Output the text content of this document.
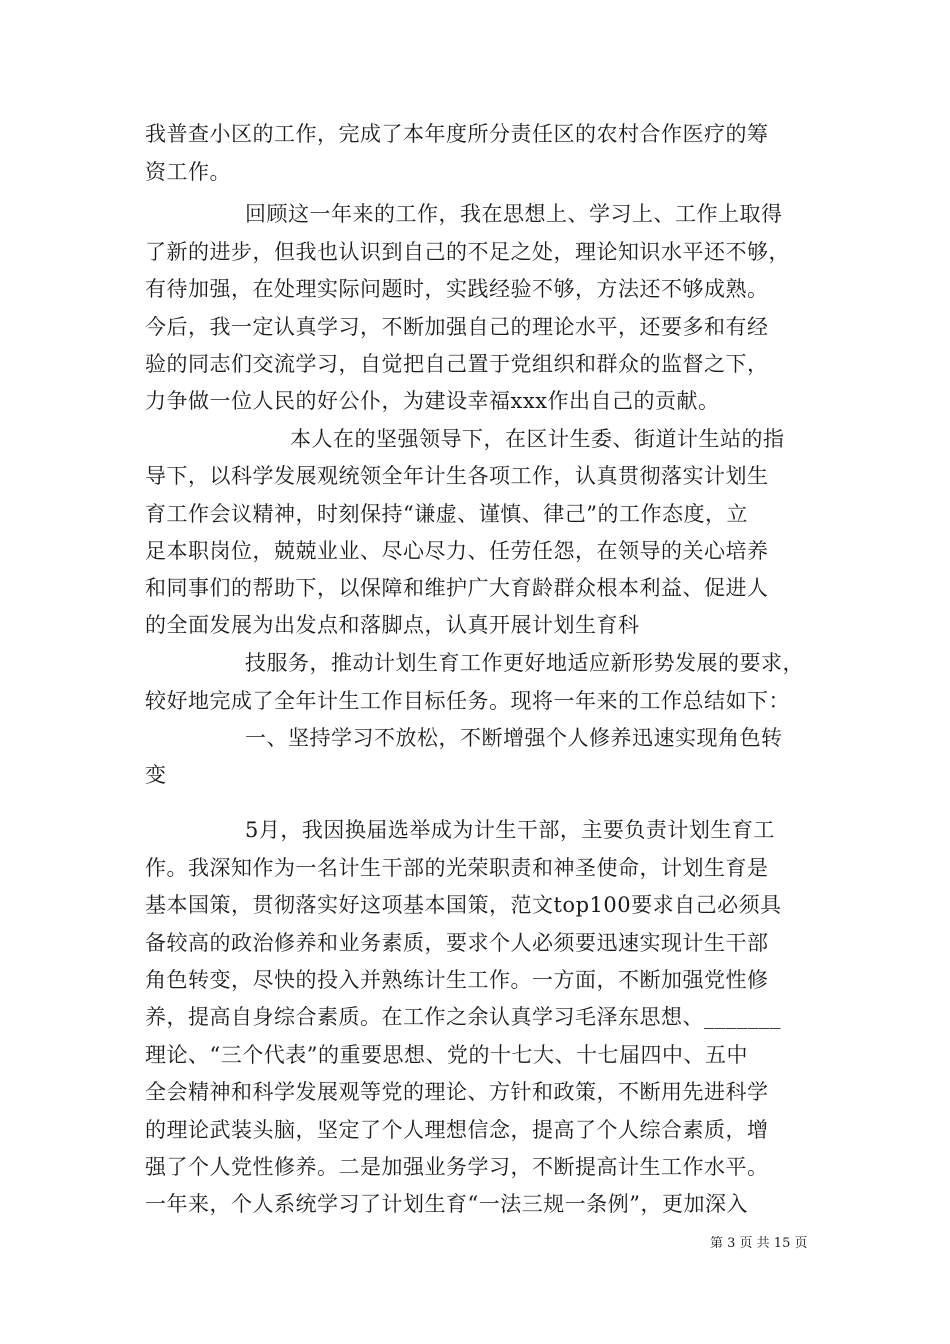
我普查小区的工作，完成了本年度所分责任区的农村合作医疗的筹
资工作。
回顾这一年来的工作，我在思想上、学习上、工作上取得
了新的进步，但我也认识到自己的不足之处，理论知识水平还不够，
有待加强，在处理实际问题时，实践经验不够，方法还不够成熟。
今后，我一定认真学习，不断加强自己的理论水平，还要多和有经
验的同志们交流学习，自觉把自己置于党组织和群众的监督之下，
力争做一位人民的好公仆，为建设幸福xxx作出自己的贡献。
本人在的坚强领导下，在区计生委、街道计生站的指
导下，以科学发展观统领全年计生各项工作，认真贯彻落实计划生
育工作会议精神，时刻保持“谦虚、谨慎、律己”的工作态度，立
足本职岗位，兢兢业业、尽心尽力、任劳任怨，在领导的关心培养
和同事们的帮助下，以保障和维护广大育龄群众根本利益、促进人
的全面发展为出发点和落脚点，认真开展计划生育科
技服务，推动计划生育工作更好地适应新形势发展的要求，
较好地完成了全年计生工作目标任务。现将一年来的工作总结如下：
一、坚持学习不放松，不断增强个人修养迅速实现角色转
变
5月，我因换届选举成为计生干部，主要负责计划生育工
作。我深知作为一名计生干部的光荣职责和神圣使命，计划生育是
基本国策，贯彻落实好这项基本国策，范文top100要求自己必须具
备较高的政治修养和业务素质，要求个人必须要迅速实现计生干部
角色转变，尽快的投入并熟练计生工作。一方面，不断加强党性修
养，提高自身综合素质。在工作之余认真学习毛泽东思想、_______
理论、“三个代表”的重要思想、党的十七大、十七届四中、五中
全会精神和科学发展观等党的理论、方针和政策，不断用先进科学
的理论武装头脑，坚定了个人理想信念，提高了个人综合素质，增
强了个人党性修养。二是加强业务学习，不断提高计生工作水平。
一年来，个人系统学习了计划生育“一法三规一条例”，更加深入
第 3 页 共 15 页
